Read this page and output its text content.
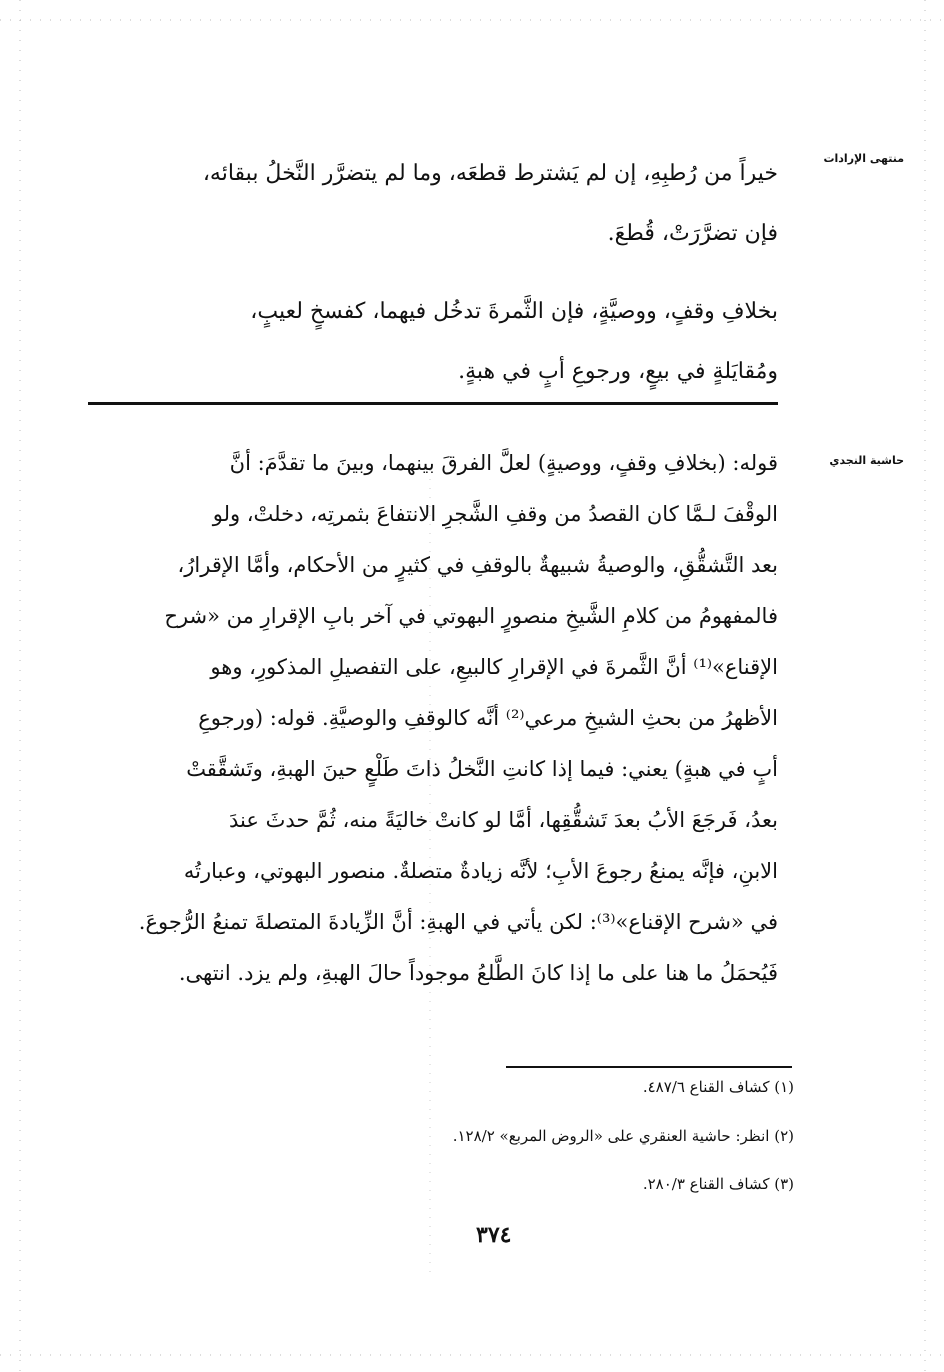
منتهى الإرادات
حاشية النجدي
خيراً من رُطبِهِ، إن لم يَشترط قطعَه، وما لم يتضرَّر النَّخلُ ببقائه،
فإن تضرَّرَتْ، قُطعَ.
بخلافِ وقفٍ، ووصيَّةٍ، فإن الثَّمرةَ تدخُل فيهما، كفسخٍ لعيبٍ،
ومُقايَلةٍ في بيعٍ، ورجوعِ أبٍ في هبةٍ.
قوله: (بخلافِ وقفٍ، ووصيةٍ) لعلَّ الفرقَ بينهما، وبينَ ما تقدَّمَ: أنَّ
الوقْفَ لـمَّا كان القصدُ من وقفِ الشَّجرِ الانتفاعَ بثمرتِه، دخلتْ، ولو
بعد التَّشقُّقِ، والوصيةُ شبيهةٌ بالوقفِ في كثيرٍ من الأحكام، وأمَّا الإقرارُ،
فالمفهومُ من كلامِ الشَّيخِ منصورٍ البهوتي في آخر بابِ الإقرارِ من «شرح
الإقناع»⁽¹⁾ أنَّ الثَّمرةَ في الإقرارِ كالبيعِ، على التفصيلِ المذكورِ، وهو
الأظهرُ من بحثِ الشيخِ مرعي⁽²⁾ أنَّه كالوقفِ والوصيَّةِ. قوله: (ورجوعِ
أبٍ في هبةٍ) يعني: فيما إذا كانتِ النَّخلُ ذاتَ طَلْعٍ حينَ الهبةِ، وتَشقَّقتْ
بعدُ، فَرجَعَ الأبُ بعدَ تَشقُّقِها، أمَّا لو كانتْ خاليَةً منه، ثُمَّ حدثَ عندَ
الابنِ، فإنَّه يمنعُ رجوعَ الأبِ؛ لأنَّه زيادةٌ متصلةٌ. منصور البهوتي، وعبارتُه
في «شرح الإقناع»⁽³⁾: لكن يأتي في الهبةِ: أنَّ الزِّيادةَ المتصلةَ تمنعُ الرُّجوعَ.
فَيُحمَلُ ما هنا على ما إذا كانَ الطَّلعُ موجوداً حالَ الهبةِ، ولم يزد. انتهى.
(١) كشاف القناع ٤٨٧/٦.
(٢) انظر: حاشية العنقري على «الروض المربع» ١٢٨/٢.
(٣) كشاف القناع ٢٨٠/٣.
٣٧٤
